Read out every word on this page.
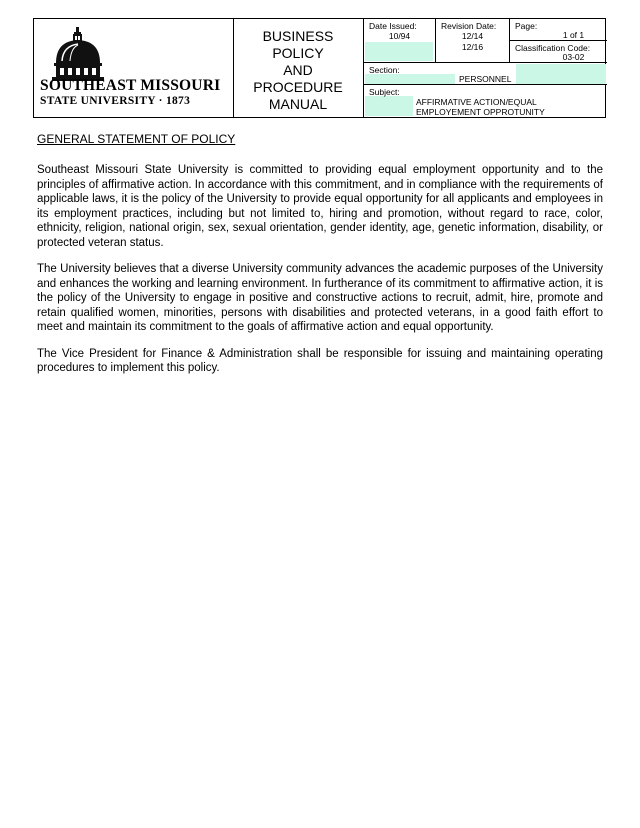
SOUTHEAST MISSOURI
STATE UNIVERSITY · 1873
BUSINESS
POLICY
AND
PROCEDURE
MANUAL
Date Issued:
10/94
Revision Date:
12/14
12/16
Page:
1 of 1
Classification Code:
03-02
Section:
PERSONNEL
Subject:
AFFIRMATIVE ACTION/EQUAL
EMPLOYEMENT OPPROTUNITY

GENERAL STATEMENT OF POLICY

Southeast Missouri State University is committed to providing equal employment opportunity and to the principles of affirmative action. In accordance with this commitment, and in compliance with the requirements of applicable laws, it is the policy of the University to provide equal opportunity for all applicants and employees in its employment practices, including but not limited to, hiring and promotion, without regard to race, color, ethnicity, religion, national origin, sex, sexual orientation, gender identity, age, genetic information, disability, or protected veteran status.

The University believes that a diverse University community advances the academic purposes of the University and enhances the working and learning environment. In furtherance of its commitment to affirmative action, it is the policy of the University to engage in positive and constructive actions to recruit, admit, hire, promote and retain qualified women, minorities, persons with disabilities and protected veterans, in a good faith effort to meet and maintain its commitment to the goals of affirmative action and equal opportunity.

The Vice President for Finance & Administration shall be responsible for issuing and maintaining operating procedures to implement this policy.
